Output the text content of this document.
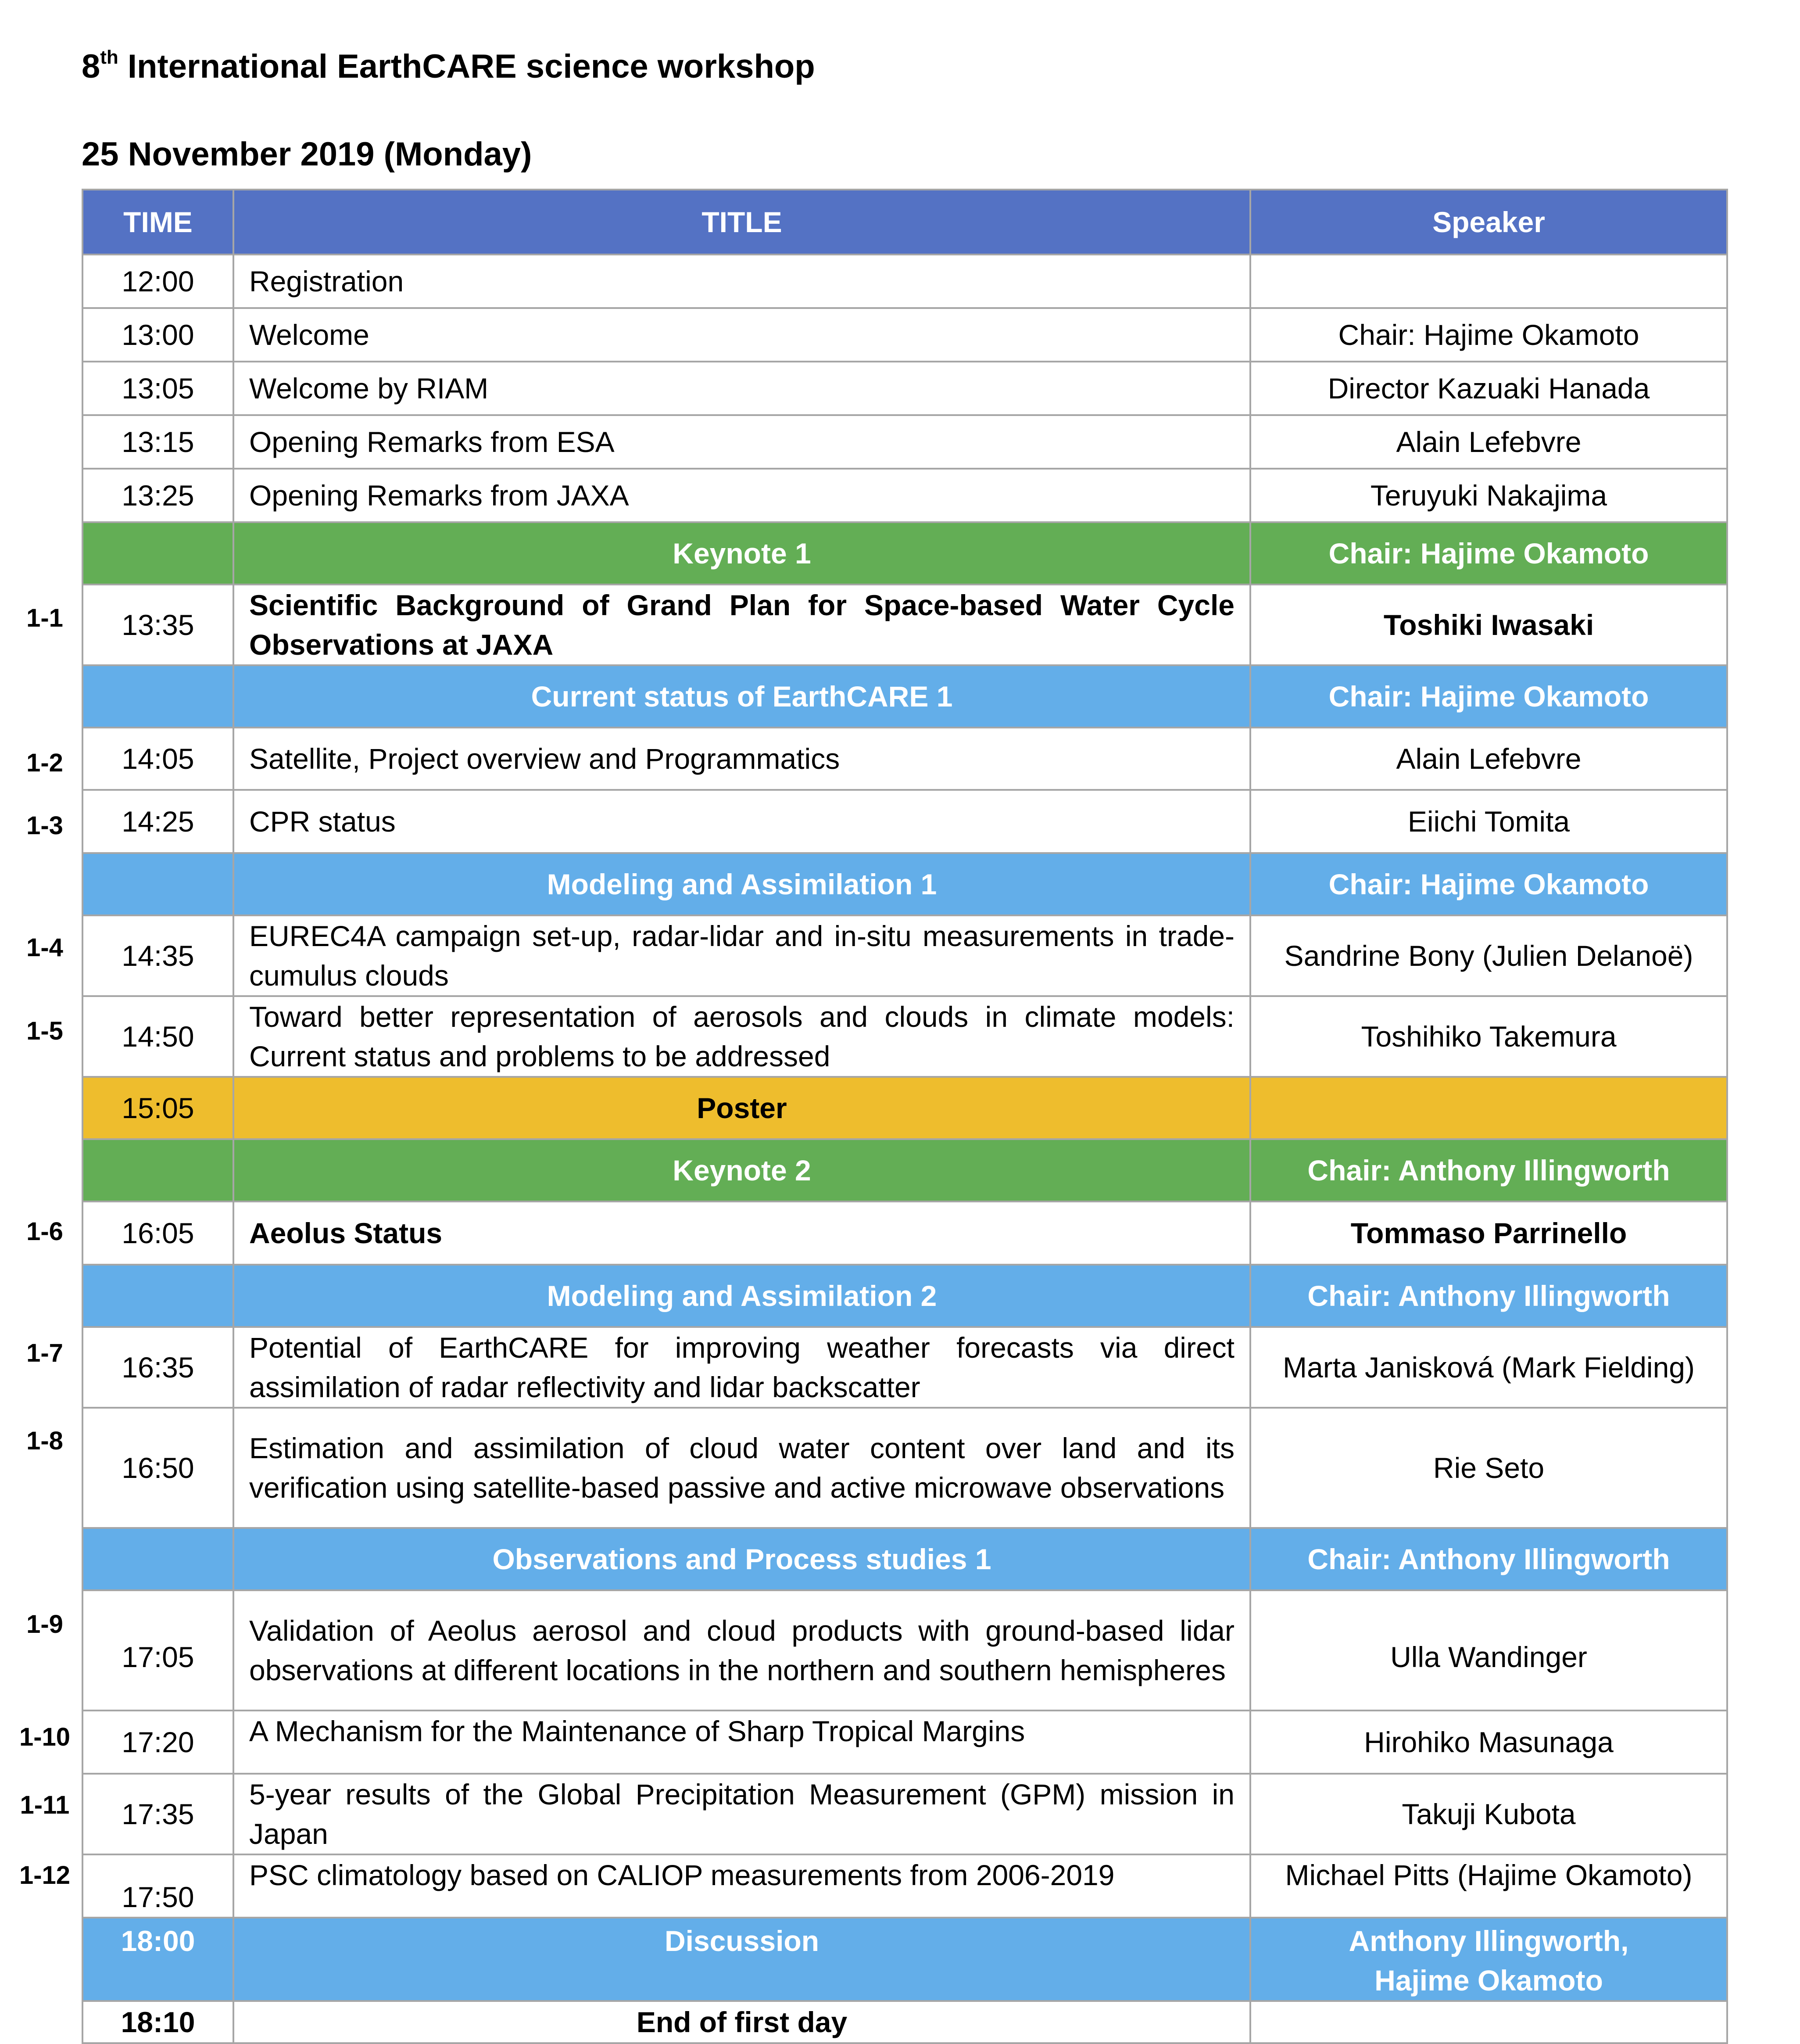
8th International EarthCARE science workshop
25 November 2019 (Monday)
TIME	TITLE	Speaker
12:00	Registration	
13:00	Welcome	Chair: Hajime Okamoto
13:05	Welcome by RIAM	Director Kazuaki Hanada
13:15	Opening Remarks from ESA	Alain Lefebvre
13:25	Opening Remarks from JAXA	Teruyuki Nakajima
	Keynote 1	Chair: Hajime Okamoto
13:35	Scientific Background of Grand Plan for Space-based Water Cycle Observations at JAXA	Toshiki Iwasaki
	Current status of EarthCARE 1	Chair: Hajime Okamoto
14:05	Satellite, Project overview and Programmatics	Alain Lefebvre
14:25	CPR status	Eiichi Tomita
	Modeling and Assimilation 1	Chair: Hajime Okamoto
14:35	EUREC4A campaign set-up, radar-lidar and in-situ measurements in trade-cumulus clouds	Sandrine Bony (Julien Delanoë)
14:50	Toward better representation of aerosols and clouds in climate models: Current status and problems to be addressed	Toshihiko Takemura
15:05	Poster	
	Keynote 2	Chair: Anthony Illingworth
16:05	Aeolus Status	Tommaso Parrinello
	Modeling and Assimilation 2	Chair: Anthony Illingworth
16:35	Potential of EarthCARE for improving weather forecasts via direct assimilation of radar reflectivity and lidar backscatter	Marta Janisková (Mark Fielding)
16:50	Estimation and assimilation of cloud water content over land and its verification using satellite-based passive and active microwave observations	Rie Seto
	Observations and Process studies 1	Chair: Anthony Illingworth
17:05	Validation of Aeolus aerosol and cloud products with ground-based lidar observations at different locations in the northern and southern hemispheres	Ulla Wandinger
17:20	A Mechanism for the Maintenance of Sharp Tropical Margins	Hirohiko Masunaga
17:35	5-year results of the Global Precipitation Measurement (GPM) mission in Japan	Takuji Kubota
17:50	PSC climatology based on CALIOP measurements from 2006-2019	Michael Pitts (Hajime Okamoto)
18:00	Discussion	Anthony Illingworth, Hajime Okamoto
18:10	End of first day	
1-1
1-2
1-3
1-4
1-5
1-6
1-7
1-8
1-9
1-10
1-11
1-12
